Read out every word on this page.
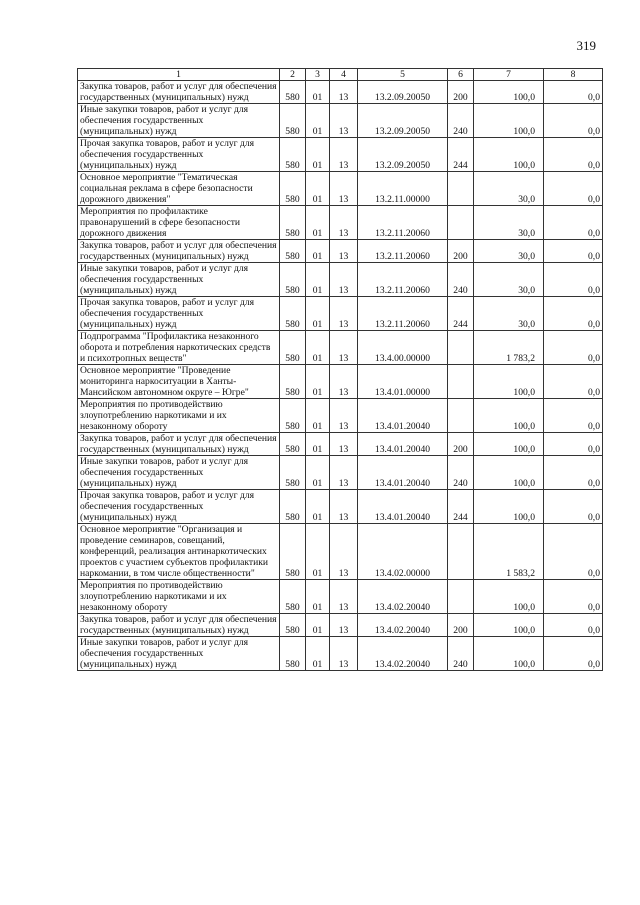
319
1	2	3	4	5	6	7	8
Закупка товаров, работ и услуг для обеспечения государственных (муниципальных) нужд	580	01	13	13.2.09.20050	200	100,0	0,0
Иные закупки товаров, работ и услуг для обеспечения государственных (муниципальных) нужд	580	01	13	13.2.09.20050	240	100,0	0,0
Прочая закупка товаров, работ и услуг для обеспечения государственных (муниципальных) нужд	580	01	13	13.2.09.20050	244	100,0	0,0
Основное мероприятие "Тематическая социальная реклама в сфере безопасности дорожного движения"	580	01	13	13.2.11.00000		30,0	0,0
Мероприятия по профилактике правонарушений в сфере безопасности дорожного движения	580	01	13	13.2.11.20060		30,0	0,0
Закупка товаров, работ и услуг для обеспечения государственных (муниципальных) нужд	580	01	13	13.2.11.20060	200	30,0	0,0
Иные закупки товаров, работ и услуг для обеспечения государственных (муниципальных) нужд	580	01	13	13.2.11.20060	240	30,0	0,0
Прочая закупка товаров, работ и услуг для обеспечения государственных (муниципальных) нужд	580	01	13	13.2.11.20060	244	30,0	0,0
Подпрограмма "Профилактика незаконного оборота и потребления наркотических средств и психотропных веществ"	580	01	13	13.4.00.00000		1 783,2	0,0
Основное мероприятие "Проведение мониторинга наркоситуации в Ханты-Мансийском автономном округе – Югре"	580	01	13	13.4.01.00000		100,0	0,0
Мероприятия по противодействию злоупотреблению наркотиками и их незаконному обороту	580	01	13	13.4.01.20040		100,0	0,0
Закупка товаров, работ и услуг для обеспечения государственных (муниципальных) нужд	580	01	13	13.4.01.20040	200	100,0	0,0
Иные закупки товаров, работ и услуг для обеспечения государственных (муниципальных) нужд	580	01	13	13.4.01.20040	240	100,0	0,0
Прочая закупка товаров, работ и услуг для обеспечения государственных (муниципальных) нужд	580	01	13	13.4.01.20040	244	100,0	0,0
Основное мероприятие "Организация и проведение семинаров, совещаний, конференций, реализация антинаркотических проектов с участием субъектов профилактики наркомании, в том числе общественности"	580	01	13	13.4.02.00000		1 583,2	0,0
Мероприятия по противодействию злоупотреблению наркотиками и их незаконному обороту	580	01	13	13.4.02.20040		100,0	0,0
Закупка товаров, работ и услуг для обеспечения государственных (муниципальных) нужд	580	01	13	13.4.02.20040	200	100,0	0,0
Иные закупки товаров, работ и услуг для обеспечения государственных (муниципальных) нужд	580	01	13	13.4.02.20040	240	100,0	0,0
